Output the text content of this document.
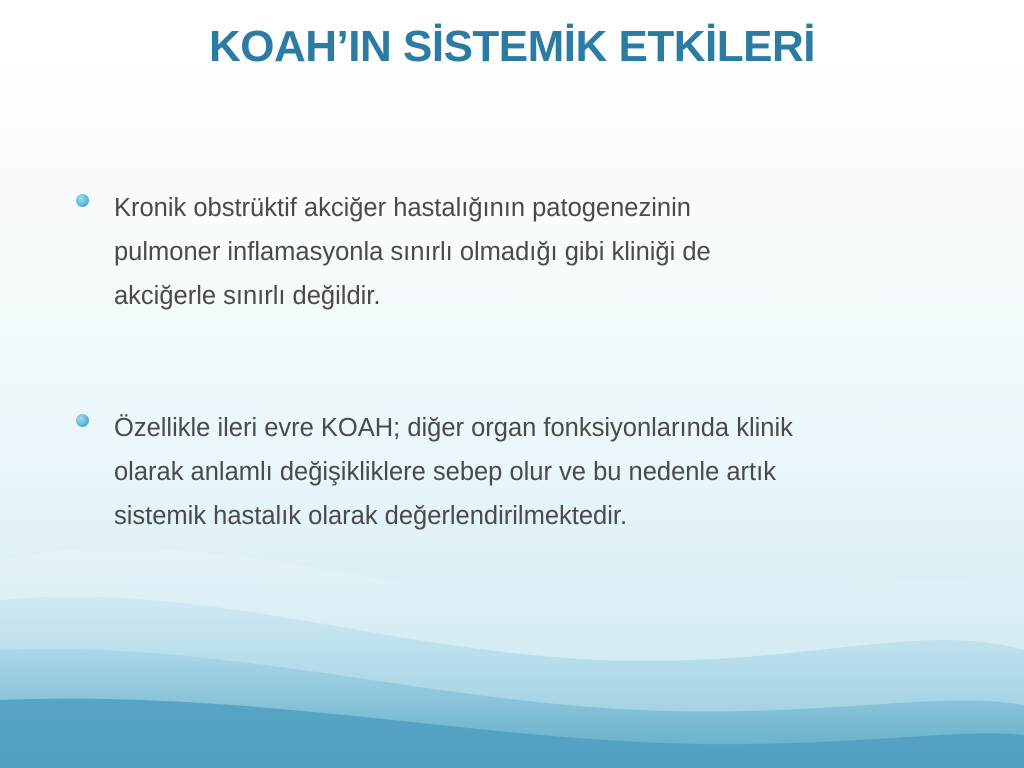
KOAH’IN SİSTEMİK ETKİLERİ
Kronik obstrüktif akciğer hastalığının patogenezinin
pulmoner inflamasyonla sınırlı olmadığı gibi kliniği de
akciğerle sınırlı değildir.
Özellikle ileri evre KOAH; diğer organ fonksiyonlarında klinik
olarak anlamlı değişikliklere sebep olur ve bu nedenle artık
sistemik hastalık olarak değerlendirilmektedir.
